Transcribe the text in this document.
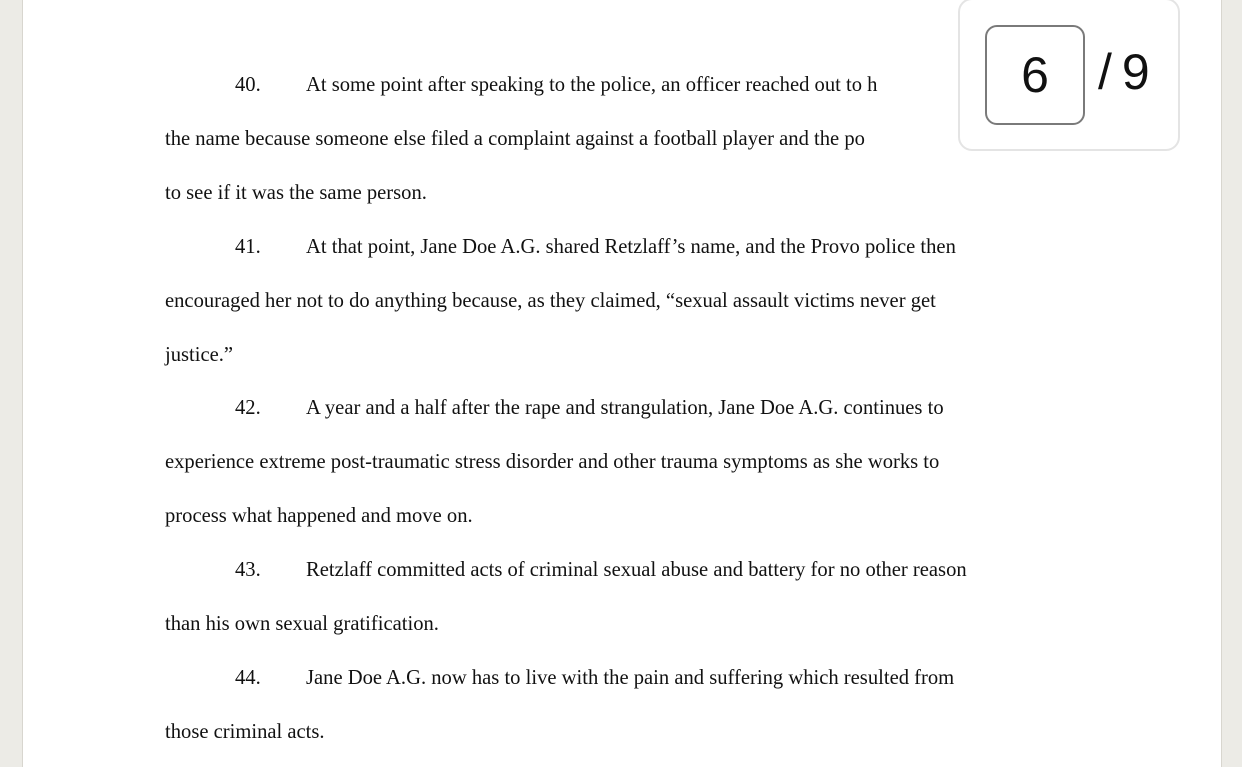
40. At some point after speaking to the police, an officer reached out to h
the name because someone else filed a complaint against a football player and the po
to see if it was the same person.
41. At that point, Jane Doe A.G. shared Retzlaff’s name, and the Provo police then
encouraged her not to do anything because, as they claimed, “sexual assault victims never get
justice.”
42. A year and a half after the rape and strangulation, Jane Doe A.G. continues to
experience extreme post-traumatic stress disorder and other trauma symptoms as she works to
process what happened and move on.
43. Retzlaff committed acts of criminal sexual abuse and battery for no other reason
than his own sexual gratification.
44. Jane Doe A.G. now has to live with the pain and suffering which resulted from
those criminal acts.
6 / 9
